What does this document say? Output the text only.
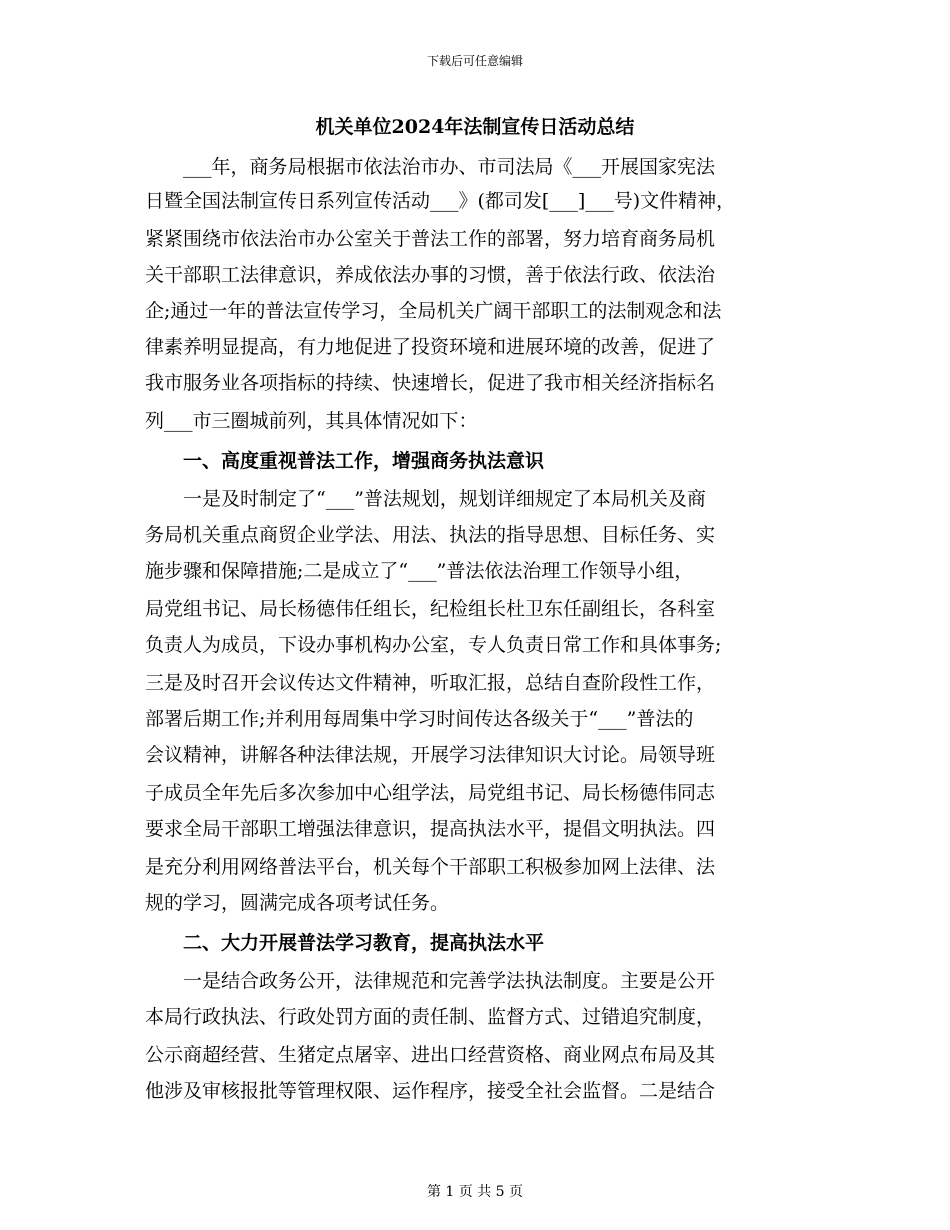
下载后可任意编辑
机关单位2024年法制宣传日活动总结
　　___年，商务局根据市依法治市办、市司法局《___开展国家宪法
日暨全国法制宣传日系列宣传活动___》(都司发[___]___号)文件精神，
紧紧围绕市依法治市办公室关于普法工作的部署，努力培育商务局机
关干部职工法律意识，养成依法办事的习惯，善于依法行政、依法治
企;通过一年的普法宣传学习，全局机关广阔干部职工的法制观念和法
律素养明显提高，有力地促进了投资环境和进展环境的改善，促进了
我市服务业各项指标的持续、快速增长，促进了我市相关经济指标名
列___市三圈城前列，其具体情况如下：
　　一、高度重视普法工作，增强商务执法意识
　　一是及时制定了“___”普法规划，规划详细规定了本局机关及商
务局机关重点商贸企业学法、用法、执法的指导思想、目标任务、实
施步骤和保障措施;二是成立了“___”普法依法治理工作领导小组，
局党组书记、局长杨德伟任组长，纪检组长杜卫东任副组长，各科室
负责人为成员，下设办事机构办公室，专人负责日常工作和具体事务;
三是及时召开会议传达文件精神，听取汇报，总结自查阶段性工作，
部署后期工作;并利用每周集中学习时间传达各级关于“___”普法的
会议精神，讲解各种法律法规，开展学习法律知识大讨论。局领导班
子成员全年先后多次参加中心组学法，局党组书记、局长杨德伟同志
要求全局干部职工增强法律意识，提高执法水平，提倡文明执法。四
是充分利用网络普法平台，机关每个干部职工积极参加网上法律、法
规的学习，圆满完成各项考试任务。
　　二、大力开展普法学习教育，提高执法水平
　　一是结合政务公开，法律规范和完善学法执法制度。主要是公开
本局行政执法、行政处罚方面的责任制、监督方式、过错追究制度，
公示商超经营、生猪定点屠宰、进出口经营资格、商业网点布局及其
他涉及审核报批等管理权限、运作程序，接受全社会监督。二是结合
第 1 页 共 5 页
